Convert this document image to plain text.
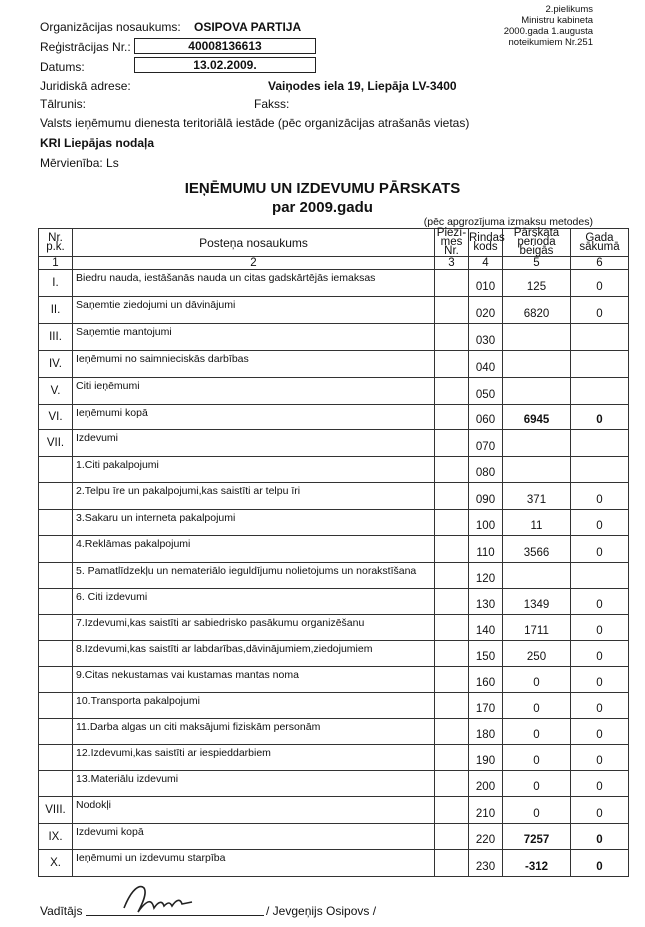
2.pielikums
Ministru kabineta
2000.gada 1.augusta
noteikumiem Nr.251
Organizācijas nosaukums: OSIPOVA PARTIJA
Reģistrācijas Nr.:	40008136613
Datums:	13.02.2009.
Juridiskā adrese:	Vaiņodes iela 19, Liepāja LV-3400
Tālrunis:	Fakss:
Valsts ieņēmumu dienesta teritoriālā iestāde (pēc organizācijas atrašanās vietas)
KRI Liepājas nodaļa
Mērvienība: Ls
IEŅĒMUMU UN IZDEVUMU PĀRSKATS
par 2009.gadu
(pēc apgrozījuma izmaksu metodes)
Nr. p.k.	Posteņa nosaukums	Piezī-mes Nr.	Rindas kods	Pārskata perioda beigās	Gada sākumā
1	2	3	4	5	6
I.	Biedru nauda, iestāšanās nauda un citas gadskārtējās iemaksas		010	125	0
II.	Saņemtie ziedojumi un dāvinājumi		020	6820	0
III.	Saņemtie mantojumi		030		
IV.	Ieņēmumi no saimnieciskās darbības		040		
V.	Citi ieņēmumi		050		
VI.	Ieņēmumi kopā		060	6945	0
VII.	Izdevumi		070		
	1.Citi pakalpojumi		080		
	2.Telpu īre un pakalpojumi,kas saistīti ar telpu īri		090	371	0
	3.Sakaru un interneta pakalpojumi		100	11	0
	4.Reklāmas pakalpojumi		110	3566	0
	5. Pamatlīdzekļu un nemateriālo ieguldījumu nolietojums un norakstīšana		120		
	6. Citi izdevumi		130	1349	0
	7.Izdevumi,kas saistīti ar sabiedrisko pasākumu organizēšanu		140	1711	0
	8.Izdevumi,kas saistīti ar labdarības,dāvinājumiem,ziedojumiem		150	250	0
	9.Citas nekustamas vai kustamas mantas noma		160	0	0
	10.Transporta pakalpojumi		170	0	0
	11.Darba algas un citi maksājumi fiziskām personām		180	0	0
	12.Izdevumi,kas saistīti ar iespieddarbiem		190	0	0
	13.Materiālu izdevumi		200	0	0
VIII.	Nodokļi		210	0	0
IX.	Izdevumi kopā		220	7257	0
X.	Ieņēmumi un izdevumu starpība		230	-312	0
Vadītājs	/ Jevgeņijs Osipovs /
